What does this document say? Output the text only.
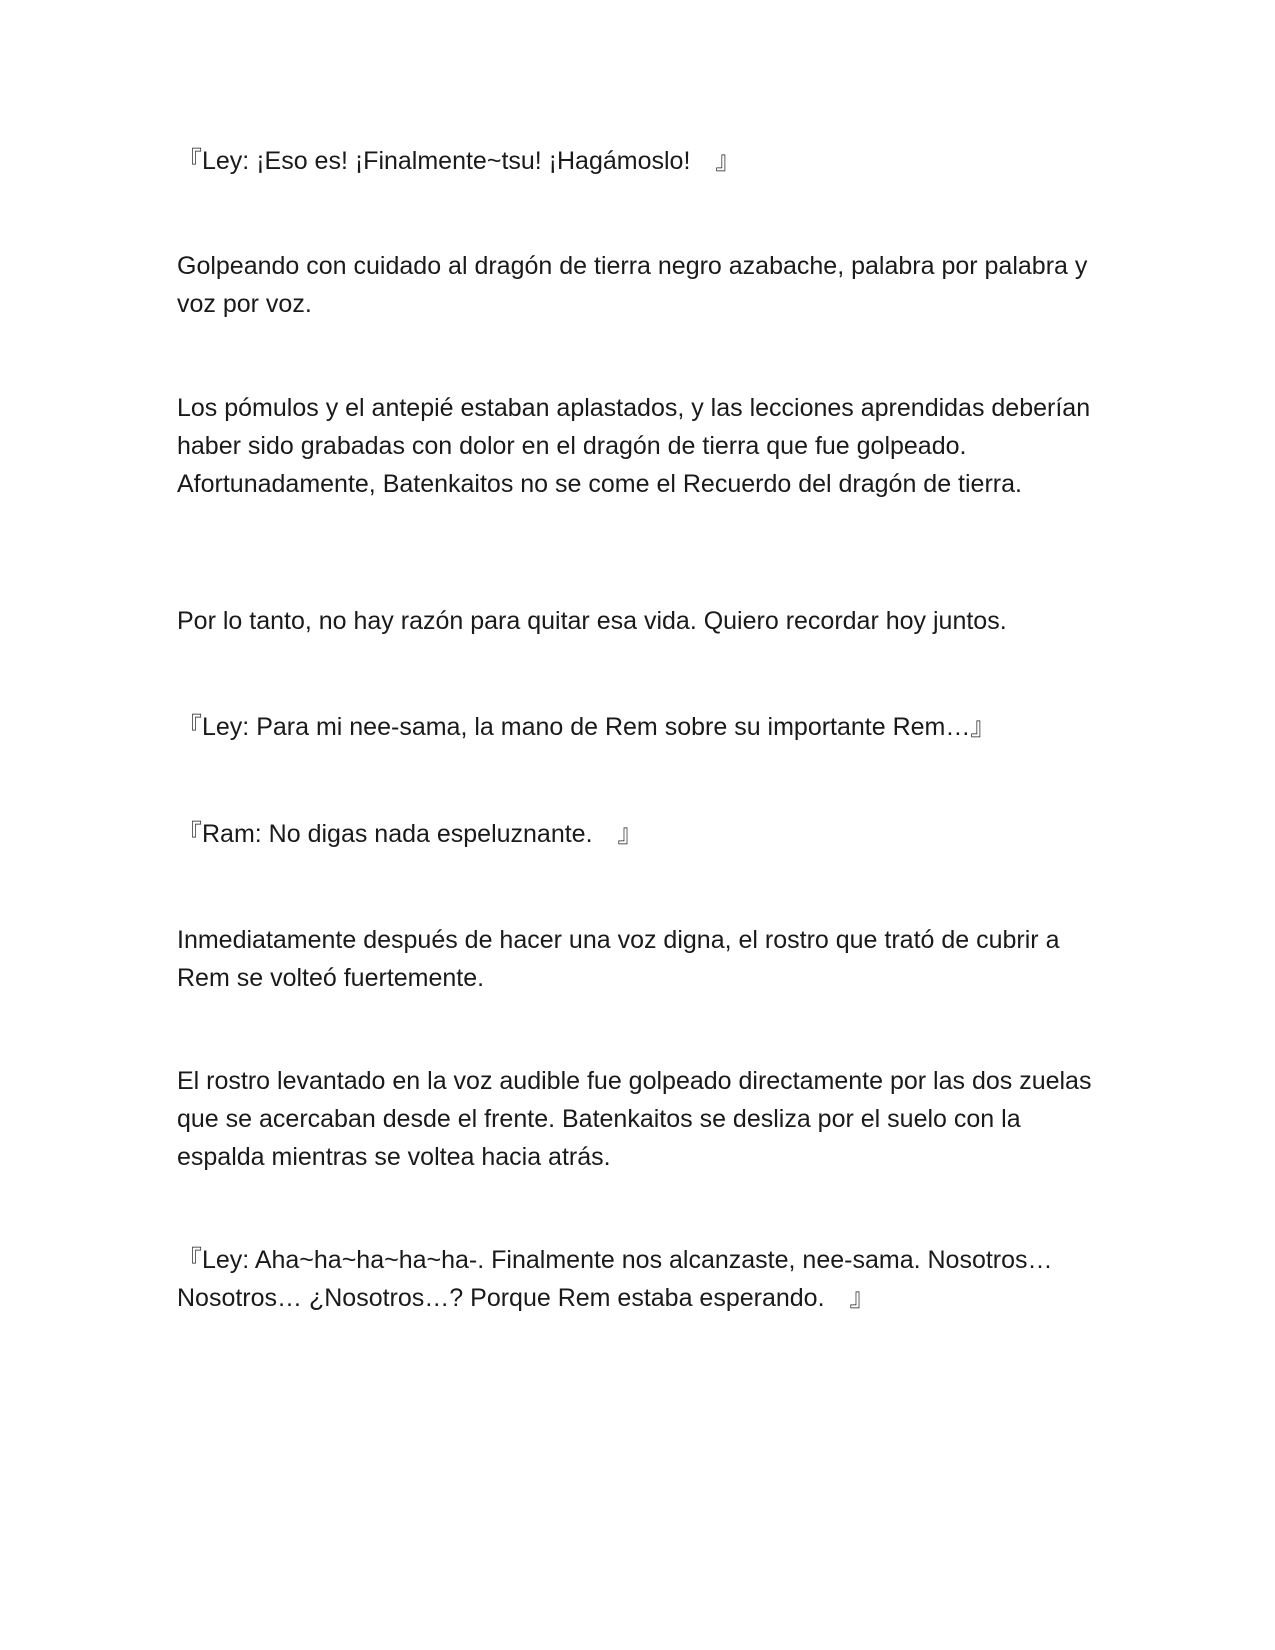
『Ley: ¡Eso es! ¡Finalmente~tsu! ¡Hagámoslo!　』

Golpeando con cuidado al dragón de tierra negro azabache, palabra por palabra y voz por voz.

Los pómulos y el antepié estaban aplastados, y las lecciones aprendidas deberían haber sido grabadas con dolor en el dragón de tierra que fue golpeado. Afortunadamente, Batenkaitos no se come el Recuerdo del dragón de tierra.

Por lo tanto, no hay razón para quitar esa vida. Quiero recordar hoy juntos.

『Ley: Para mi nee-sama, la mano de Rem sobre su importante Rem…』

『Ram: No digas nada espeluznante.　』

Inmediatamente después de hacer una voz digna, el rostro que trató de cubrir a Rem se volteó fuertemente.

El rostro levantado en la voz audible fue golpeado directamente por las dos zuelas que se acercaban desde el frente. Batenkaitos se desliza por el suelo con la espalda mientras se voltea hacia atrás.

『Ley: Aha~ha~ha~ha~ha-. Finalmente nos alcanzaste, nee-sama. Nosotros… Nosotros… ¿Nosotros…? Porque Rem estaba esperando.　』
